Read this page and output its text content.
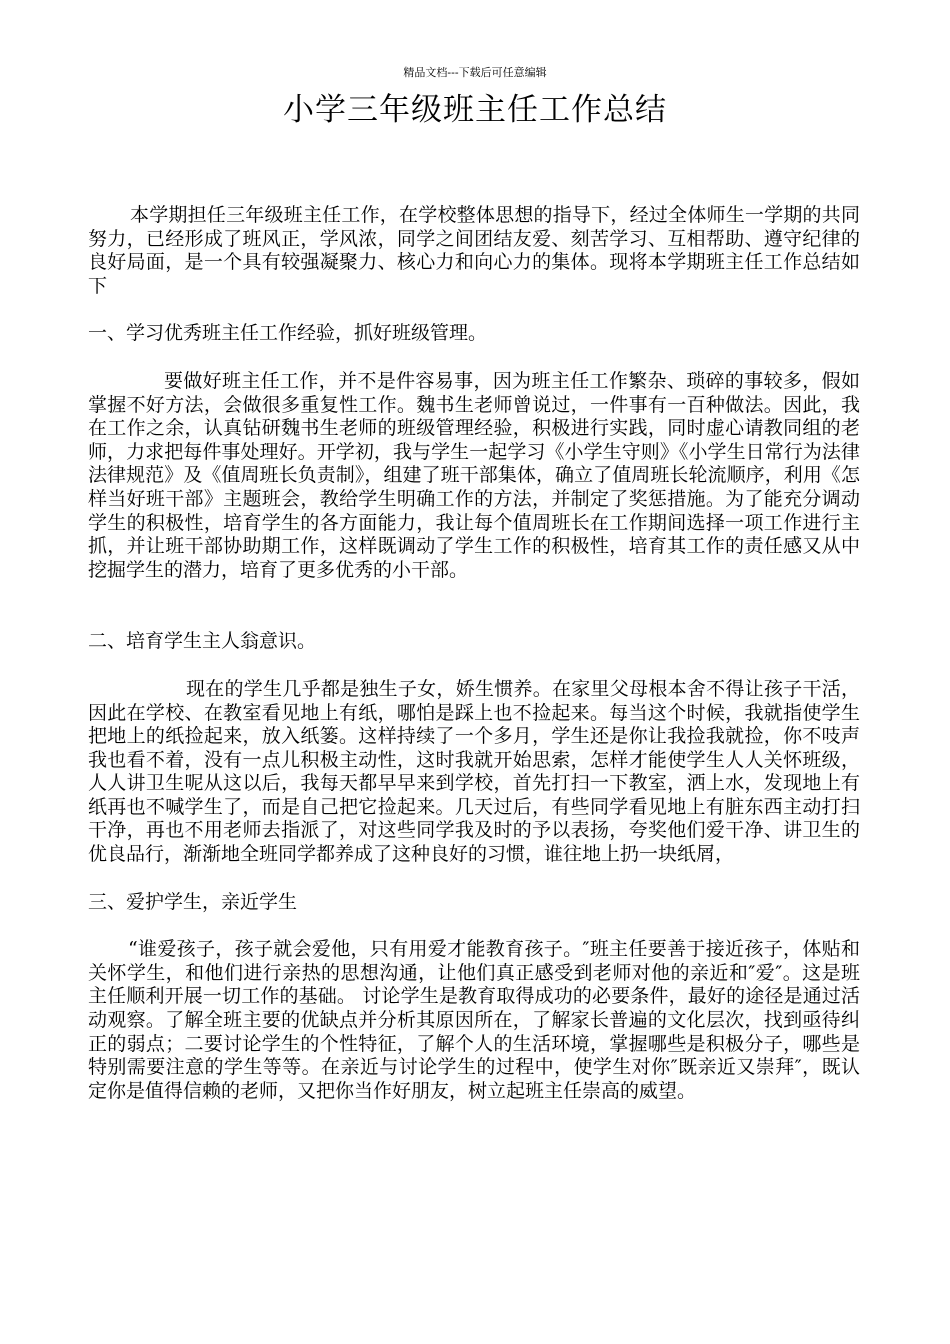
精品文档---下载后可任意编辑
小学三年级班主任工作总结

本学期担任三年级班主任工作，在学校整体思想的指导下，经过全体师生一学期的共同努力，已经形成了班风正，学风浓，同学之间团结友爱、刻苦学习、互相帮助、遵守纪律的良好局面，是一个具有较强凝聚力、核心力和向心力的集体。现将本学期班主任工作总结如下

一、学习优秀班主任工作经验，抓好班级管理。

要做好班主任工作，并不是件容易事，因为班主任工作繁杂、琐碎的事较多，假如掌握不好方法，会做很多重复性工作。魏书生老师曾说过，一件事有一百种做法。因此，我在工作之余，认真钻研魏书生老师的班级管理经验，积极进行实践，同时虚心请教同组的老师，力求把每件事处理好。开学初，我与学生一起学习《小学生守则》《小学生日常行为法律法律规范》及《值周班长负责制》，组建了班干部集体，确立了值周班长轮流顺序，利用《怎样当好班干部》主题班会，教给学生明确工作的方法，并制定了奖惩措施。为了能充分调动学生的积极性，培育学生的各方面能力，我让每个值周班长在工作期间选择一项工作进行主抓，并让班干部协助期工作，这样既调动了学生工作的积极性，培育其工作的责任感又从中挖掘学生的潜力，培育了更多优秀的小干部。

二、培育学生主人翁意识。

现在的学生几乎都是独生子女，娇生惯养。在家里父母根本舍不得让孩子干活，因此在学校、在教室看见地上有纸，哪怕是踩上也不捡起来。每当这个时候，我就指使学生把地上的纸捡起来，放入纸篓。这样持续了一个多月，学生还是你让我捡我就捡，你不吱声我也看不着，没有一点儿积极主动性，这时我就开始思索，怎样才能使学生人人关怀班级，人人讲卫生呢从这以后，我每天都早早来到学校，首先打扫一下教室，洒上水，发现地上有纸再也不喊学生了，而是自己把它捡起来。几天过后，有些同学看见地上有脏东西主动打扫干净，再也不用老师去指派了，对这些同学我及时的予以表扬，夸奖他们爱干净、讲卫生的优良品行，渐渐地全班同学都养成了这种良好的习惯，谁往地上扔一块纸屑，

三、爱护学生，亲近学生

“谁爱孩子，孩子就会爱他，只有用爱才能教育孩子。″班主任要善于接近孩子，体贴和关怀学生，和他们进行亲热的思想沟通，让他们真正感受到老师对他的亲近和″爱″。这是班主任顺利开展一切工作的基础。 讨论学生是教育取得成功的必要条件，最好的途径是通过活动观察。了解全班主要的优缺点并分析其原因所在，了解家长普遍的文化层次，找到亟待纠正的弱点；二要讨论学生的个性特征，了解个人的生活环境，掌握哪些是积极分子，哪些是特别需要注意的学生等等。在亲近与讨论学生的过程中，使学生对你″既亲近又崇拜″，既认定你是值得信赖的老师，又把你当作好朋友，树立起班主任崇高的威望。
